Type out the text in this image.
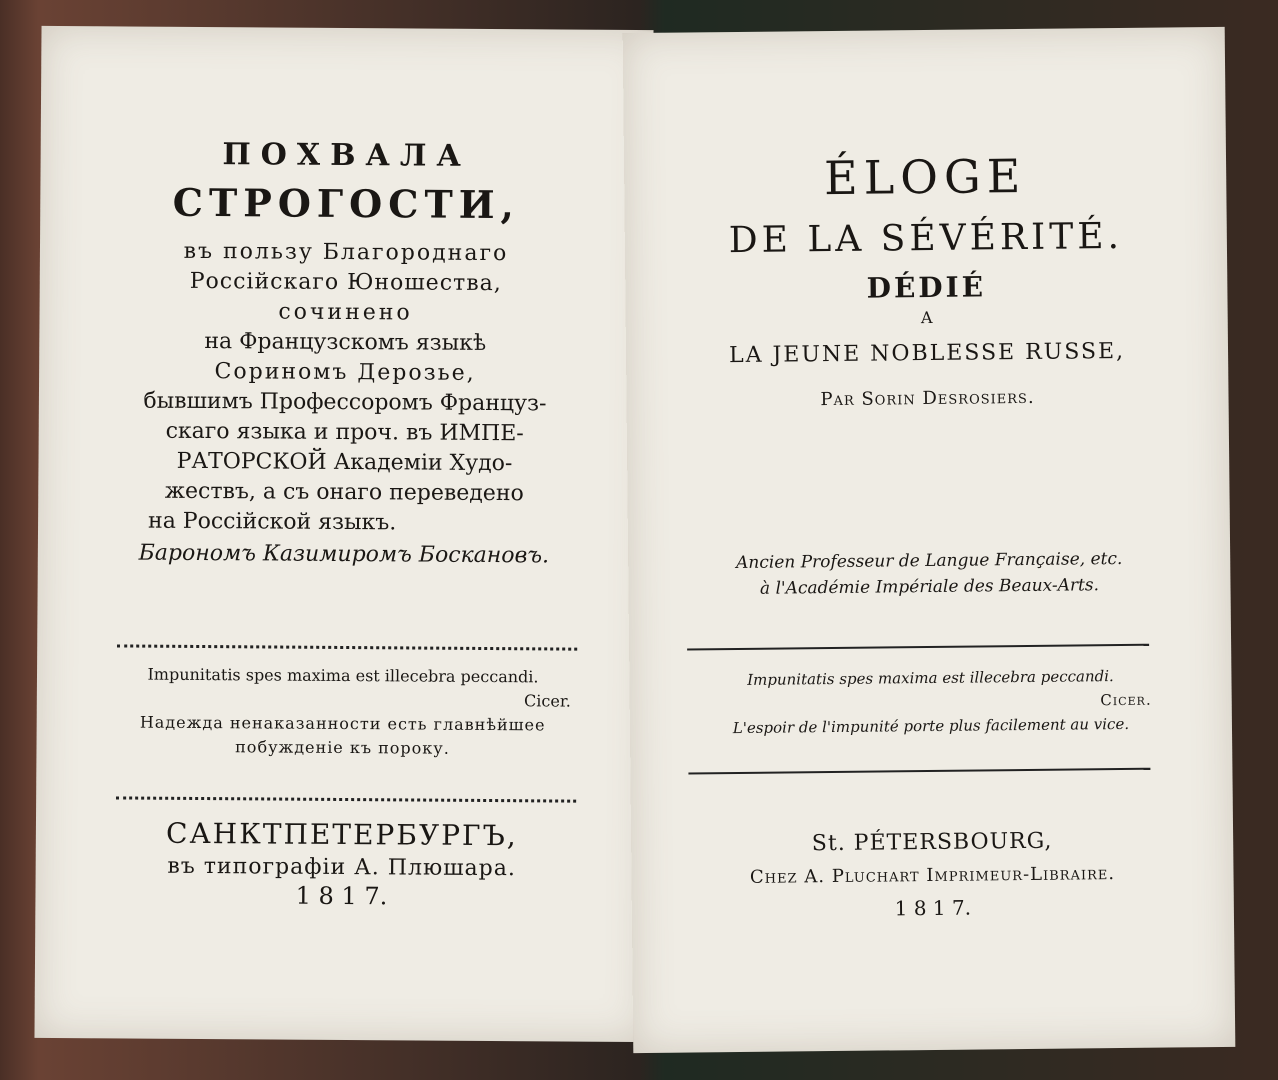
ПОХВАЛА
СТРОГОСТИ,
въ пользу Благороднаго
Россійскаго Юношества,
сочинено
на Французскомъ языкѣ
Сориномъ Дерозье,
бывшимъ Профессоромъ Француз-
скаго языка и проч. въ ИМПЕ-
РАТОРСКОЙ Академіи Худо-
жествъ, а съ онаго переведено
на Россійской языкъ.
Барономъ Казимиромъ Боскановъ.
Impunitatis spes maxima est illecebra peccandi.
Cicer.
Надежда ненаказанности есть главнѣйшее
побужденіе къ пороку.
САНКТПЕТЕРБУРГЪ,
въ типографіи А. Плюшара.
1 8 1 7.
ÉLOGE
DE LA SÉVÉRITÉ.
DÉDIÉ
A
LA JEUNE NOBLESSE RUSSE,
Par Sorin Desrosiers.
Ancien Professeur de Langue Française, etc.
à l'Académie Impériale des Beaux-Arts.
Impunitatis spes maxima est illecebra peccandi.
Cicer.
L'espoir de l'impunité porte plus facilement au vice.
St. PÉTERSBOURG,
Chez A. Pluchart Imprimeur-Libraire.
1 8 1 7.
